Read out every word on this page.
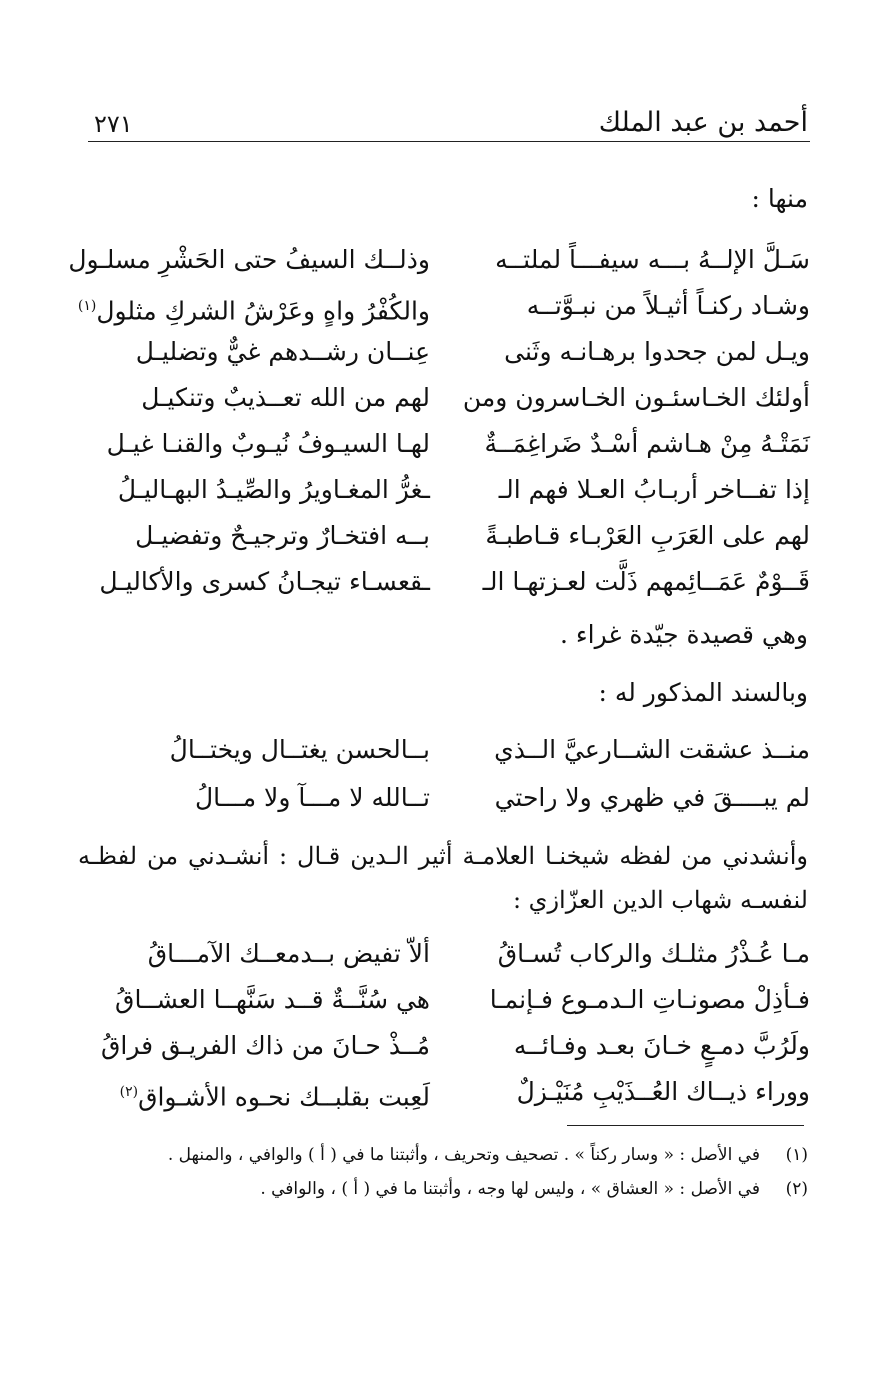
أحمد بن عبد الملك
٢٧١
منها :
سَـلَّ الإلــهُ بـــه سيفـــاً لملتــه
وذلــك السيفُ حتى الحَشْرِ مسلـول
وشـاد ركنـاً أثيـلاً من نبـوَّتــه
والكُفْرُ واهٍ وعَرْشُ الشركِ مثلول$^{(١)}$
ويـل لمن جحدوا برهـانـه وثَنى
عِنــان رشــدهم غيٌّ وتضليـل
أولئك الخـاسئـون الخـاسرون ومن
لهم من الله تعــذيبٌ وتنكيـل
نَمَتْـهُ مِنْ هـاشم أسْـدٌ ضَراغِمَــةٌ
لهـا السيـوفُ نُيـوبٌ والقنـا غيـل
إذا تفــاخر أربـابُ العـلا فهم الـ
ـغرُّ المغـاويرُ والصِّيـدُ البهـاليـلُ
لهم على العَرَبِ العَرْبـاء قـاطبـةً
بــه افتخـارٌ وترجيـحٌ وتفضيـل
قَــوْمٌ عَمَــائِمهم ذَلَّت لعـزتهـا الـ
ـقعسـاء تيجـانُ كسرى والأكاليـل
وهي قصيدة جيّدة غراء .
وبالسند المذكور له :
منــذ عشقت الشــارعيَّ الــذي
بــالحسن يغتــال ويختــالُ
لم يبــــقَ في ظهري ولا راحتي
تــالله لا مـــآ ولا مـــالُ
وأنشدني من لفظه شيخنـا العلامـة أثير الـدين قـال : أنشـدني من لفظـه لنفسـه شهاب الدين العزّازي :
مـا عُـذْرُ مثلـك والركاب تُسـاقُ
ألاّ تفيض بــدمعــك الآمـــاقُ
فـأذِلْ مصونـاتِ الـدمـوع فـإنمـا
هي سُنَّــةٌ قــد سَنَّهــا العشــاقُ
ولَرُبَّ دمـعٍ خـانَ بعـد وفـائــه
مُــذْ حـانَ من ذاك الفريـق فراقُ
ووراء ذيــاك العُــذَيْبِ مُنَيْـزلٌ
لَعِبت بقلبــك نحـوه الأشـواق$^{(٢)}$
(١)
في الأصل : « وسار ركناً » . تصحيف وتحريف ، وأثبتنا ما في ( أ ) والوافي ، والمنهل .
(٢)
في الأصل : « العشاق » ، وليس لها وجه ، وأثبتنا ما في ( أ ) ، والوافي .
